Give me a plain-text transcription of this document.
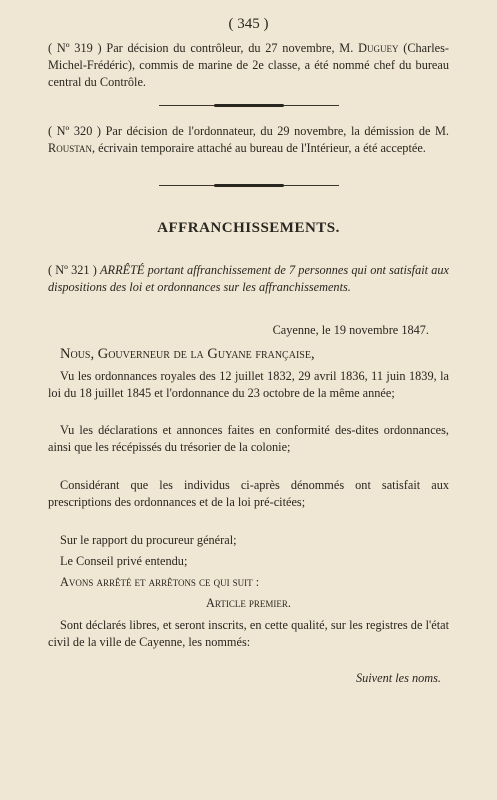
( 345 )
( Nº 319 ) Par décision du contrôleur, du 27 novembre, M. Duguey (Charles-Michel-Frédéric), commis de marine de 2e classe, a été nommé chef du bureau central du Contrôle.
( Nº 320 ) Par décision de l'ordonnateur, du 29 novembre, la démission de M. Roustan, écrivain temporaire attaché au bureau de l'Intérieur, a été acceptée.
AFFRANCHISSEMENTS.
( Nº 321 ) ARRÊTÉ portant affranchissement de 7 personnes qui ont satisfait aux dispositions des loi et ordonnances sur les affranchissements.
Cayenne, le 19 novembre 1847.
Nous, Gouverneur de la Guyane française,
Vu les ordonnances royales des 12 juillet 1832, 29 avril 1836, 11 juin 1839, la loi du 18 juillet 1845 et l'ordonnance du 23 octobre de la même année;
Vu les déclarations et annonces faites en conformité des-dites ordonnances, ainsi que les récépissés du trésorier de la colonie;
Considérant que les individus ci-après dénommés ont satisfait aux prescriptions des ordonnances et de la loi pré-citées;
Sur le rapport du procureur général;
Le Conseil privé entendu;
Avons arrêté et arrêtons ce qui suit :
Article premier.
Sont déclarés libres, et seront inscrits, en cette qualité, sur les registres de l'état civil de la ville de Cayenne, les nommés:
Suivent les noms.
